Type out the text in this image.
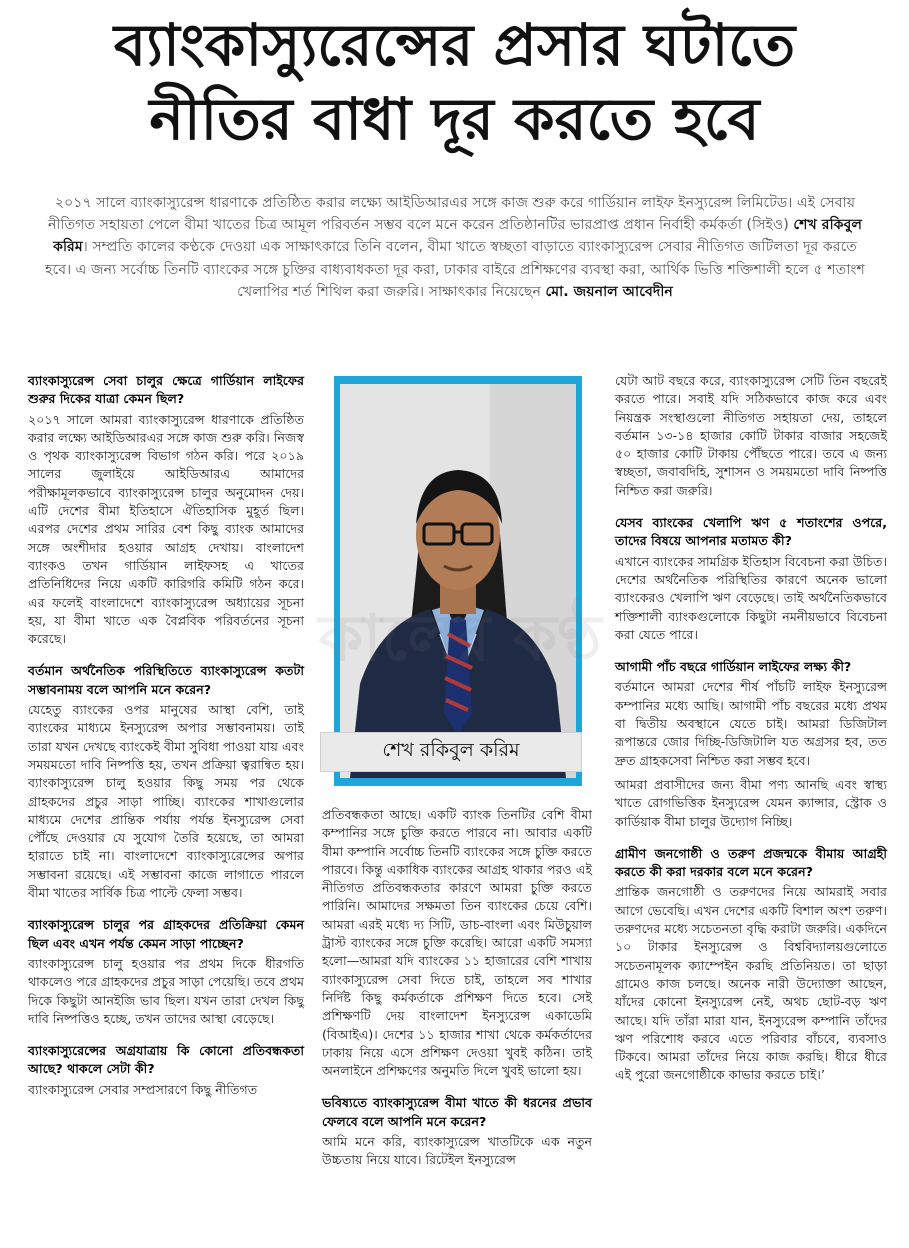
ব্যাংকাস্যুরেন্সের প্রসার ঘটাতে
নীতির বাধা দূর করতে হবে
২০১৭ সালে ব্যাংকাস্যুরেন্স ধারণাকে প্রতিষ্ঠিত করার লক্ষ্যে আইডিআরএর সঙ্গে কাজ শুরু করে গার্ডিয়ান লাইফ ইনস্যুরেন্স লিমিটেড। এই সেবায় নীতিগত সহায়তা পেলে বীমা খাতের চিত্র আমূল পরিবর্তন সম্ভব বলে মনে করেন প্রতিষ্ঠানটির ভারপ্রাপ্ত প্রধান নির্বাহী কর্মকর্তা (সিইও) শেখ রকিবুল করিম। সম্প্রতি কালের কণ্ঠকে দেওয়া এক সাক্ষাৎকারে তিনি বলেন, বীমা খাতে স্বচ্ছতা বাড়াতে ব্যাংকাস্যুরেন্স সেবার নীতিগত জটিলতা দূর করতে হবে। এ জন্য সর্বোচ্চ তিনটি ব্যাংকের সঙ্গে চুক্তির বাধ্যবাধকতা দূর করা, ঢাকার বাইরে প্রশিক্ষণের ব্যবস্থা করা, আর্থিক ভিত্তি শক্তিশালী হলে ৫ শতাংশ খেলাপির শর্ত শিথিল করা জরুরি। সাক্ষাৎকার নিয়েছেন মো. জয়নাল আবেদীন

ব্যাংকাস্যুরেন্স সেবা চালুর ক্ষেত্রে গার্ডিয়ান লাইফের শুরুর দিকের যাত্রা কেমন ছিল?

২০১৭ সালে আমরা ব্যাংকাস্যুরেন্স ধারণাকে প্রতিষ্ঠিত করার লক্ষ্যে আইডিআরএর সঙ্গে কাজ শুরু করি। নিজস্ব ও পৃথক ব্যাংকাস্যুরেন্স বিভাগ গঠন করি। পরে ২০১৯ সালের জুলাইয়ে আইডিআরএ আমাদের পরীক্ষামূলকভাবে ব্যাংকাস্যুরেন্স চালুর অনুমোদন দেয়। এটি দেশের বীমা ইতিহাসে ঐতিহাসিক মুহূর্ত ছিল। এরপর দেশের প্রথম সারির বেশ কিছু ব্যাংক আমাদের সঙ্গে অংশীদার হওয়ার আগ্রহ দেখায়। বাংলাদেশ ব্যাংকও তখন গার্ডিয়ান লাইফসহ এ খাতের প্রতিনিধিদের নিয়ে একটি কারিগরি কমিটি গঠন করে। এর ফলেই বাংলাদেশে ব্যাংকাস্যুরেন্স অধ্যায়ের সূচনা হয়, যা বীমা খাতে এক বৈপ্লবিক পরিবর্তনের সূচনা করেছে।

বর্তমান অর্থনৈতিক পরিস্থিতিতে ব্যাংকাস্যুরেন্স কতটা সম্ভাবনাময় বলে আপনি মনে করেন?

যেহেতু ব্যাংকের ওপর মানুষের আস্থা বেশি, তাই ব্যাংকের মাধ্যমে ইনস্যুরেন্স অপার সম্ভাবনাময়। তাই তারা যখন দেখছে ব্যাংকেই বীমা সুবিধা পাওয়া যায় এবং সময়মতো দাবি নিষ্পত্তি হয়, তখন প্রক্রিয়া ত্বরান্বিত হয়। ব্যাংকাস্যুরেন্স চালু হওয়ার কিছু সময় পর থেকে গ্রাহকদের প্রচুর সাড়া পাচ্ছি। ব্যাংকের শাখাগুলোর মাধ্যমে দেশের প্রান্তিক পর্যায় পর্যন্ত ইনস্যুরেন্স সেবা পৌঁছে দেওয়ার যে সুযোগ তৈরি হয়েছে, তা আমরা হারাতে চাই না। বাংলাদেশে ব্যাংকাস্যুরেন্সের অপার সম্ভাবনা রয়েছে। এই সম্ভাবনা কাজে লাগাতে পারলে বীমা খাতের সার্বিক চিত্র পাল্টে ফেলা সম্ভব।

ব্যাংকাস্যুরেন্স চালুর পর গ্রাহকদের প্রতিক্রিয়া কেমন ছিল এবং এখন পর্যন্ত কেমন সাড়া পাচ্ছেন?

ব্যাংকাস্যুরেন্স চালু হওয়ার পর প্রথম দিকে ধীরগতি থাকলেও পরে গ্রাহকদের প্রচুর সাড়া পেয়েছি। তবে প্রথম দিকে কিছুটা আনইজি ভাব ছিল। যখন তারা দেখল কিছু দাবি নিষ্পত্তিও হচ্ছে, তখন তাদের আস্থা বেড়েছে।

ব্যাংকাস্যুরেন্সের অগ্রযাত্রায় কি কোনো প্রতিবন্ধকতা আছে? থাকলে সেটা কী?

ব্যাংকাস্যুরেন্স সেবার সম্প্রসারণে কিছু নীতিগত

শেখ রকিবুল করিম

প্রতিবন্ধকতা আছে। একটি ব্যাংক তিনটির বেশি বীমা কম্পানির সঙ্গে চুক্তি করতে পারবে না। আবার একটি বীমা কম্পানি সর্বোচ্চ তিনটি ব্যাংকের সঙ্গে চুক্তি করতে পারবে। কিন্তু একাধিক ব্যাংকের আগ্রহ থাকার পরও এই নীতিগত প্রতিবন্ধকতার কারণে আমরা চুক্তি করতে পারিনি। আমাদের সক্ষমতা তিন ব্যাংকের চেয়ে বেশি। আমরা এরই মধ্যে দ্য সিটি, ডাচ-বাংলা এবং মিউচুয়াল ট্রাস্ট ব্যাংকের সঙ্গে চুক্তি করেছি। আরো একটি সমস্যা হলো—আমরা যদি ব্যাংকের ১১ হাজারের বেশি শাখায় ব্যাংকাস্যুরেন্স সেবা দিতে চাই, তাহলে সব শাখার নির্দিষ্ট কিছু কর্মকর্তাকে প্রশিক্ষণ দিতে হবে। সেই প্রশিক্ষণটি দেয় বাংলাদেশ ইনস্যুরেন্স একাডেমি (বিআইএ)। দেশের ১১ হাজার শাখা থেকে কর্মকর্তাদের ঢাকায় নিয়ে এসে প্রশিক্ষণ দেওয়া খুবই কঠিন। তাই অনলাইনে প্রশিক্ষণের অনুমতি দিলে খুবই ভালো হয়।

ভবিষ্যতে ব্যাংকাস্যুরেন্স বীমা খাতে কী ধরনের প্রভাব ফেলবে বলে আপনি মনে করেন?

আমি মনে করি, ব্যাংকাস্যুরেন্স খাতটিকে এক নতুন উচ্চতায় নিয়ে যাবে। রিটেইল ইনস্যুরেন্স

যেটা আট বছরে করে, ব্যাংকাস্যুরেন্স সেটি তিন বছরেই করতে পারে। সবাই যদি সঠিকভাবে কাজ করে এবং নিয়ন্ত্রক সংস্থাগুলো নীতিগত সহায়তা দেয়, তাহলে বর্তমান ১৩-১৪ হাজার কোটি টাকার বাজার সহজেই ৫০ হাজার কোটি টাকায় পৌঁছতে পারে। তবে এ জন্য স্বচ্ছতা, জবাবদিহি, সুশাসন ও সময়মতো দাবি নিষ্পত্তি নিশ্চিত করা জরুরি।

যেসব ব্যাংকের খেলাপি ঋণ ৫ শতাংশের ওপরে, তাদের বিষয়ে আপনার মতামত কী?

এখানে ব্যাংকের সামগ্রিক ইতিহাস বিবেচনা করা উচিত। দেশের অর্থনৈতিক পরিস্থিতির কারণে অনেক ভালো ব্যাংকেরও খেলাপি ঋণ বেড়েছে। তাই অর্থনৈতিকভাবে শক্তিশালী ব্যাংকগুলোকে কিছুটা নমনীয়ভাবে বিবেচনা করা যেতে পারে।

আগামী পাঁচ বছরে গার্ডিয়ান লাইফের লক্ষ্য কী?

বর্তমানে আমরা দেশের শীর্ষ পাঁচটি লাইফ ইনস্যুরেন্স কম্পানির মধ্যে আছি। আগামী পাঁচ বছরের মধ্যে প্রথম বা দ্বিতীয় অবস্থানে যেতে চাই। আমরা ডিজিটাল রূপান্তরে জোর দিচ্ছি-ডিজিটালি যত অগ্রসর হব, তত দ্রুত গ্রাহকসেবা নিশ্চিত করা সম্ভব হবে।

আমরা প্রবাসীদের জন্য বীমা পণ্য আনছি এবং স্বাস্থ্য খাতে রোগভিত্তিক ইনস্যুরেন্স যেমন ক্যান্সার, স্ট্রোক ও কার্ডিয়াক বীমা চালুর উদ্যোগ নিচ্ছি।

গ্রামীণ জনগোষ্ঠী ও তরুণ প্রজন্মকে বীমায় আগ্রহী করতে কী করা দরকার বলে মনে করেন?

প্রান্তিক জনগোষ্ঠী ও তরুণদের নিয়ে আমরাই সবার আগে ভেবেছি। এখন দেশের একটি বিশাল অংশ তরুণ। তরুণদের মধ্যে সচেতনতা বৃদ্ধি করাটা জরুরি। একদিনে ১০ টাকার ইনস্যুরেন্স ও বিশ্ববিদ্যালয়গুলোতে সচেতনামূলক ক্যাম্পেইন করছি প্রতিনিয়ত। তা ছাড়া গ্রামেও কাজ চলছে। অনেক নারী উদ্যোক্তা আছেন, যাঁদের কোনো ইনস্যুরেন্স নেই, অথচ ছোট-বড় ঋণ আছে। যদি তাঁরা মারা যান, ইনস্যুরেন্স কম্পানি তাঁদের ঋণ পরিশোধ করবে এতে পরিবার বাঁচবে, ব্যবসাও টিকবে। আমরা তাঁদের নিয়ে কাজ করছি। ধীরে ধীরে এই পুরো জনগোষ্ঠীকে কাভার করতে চাই।’
